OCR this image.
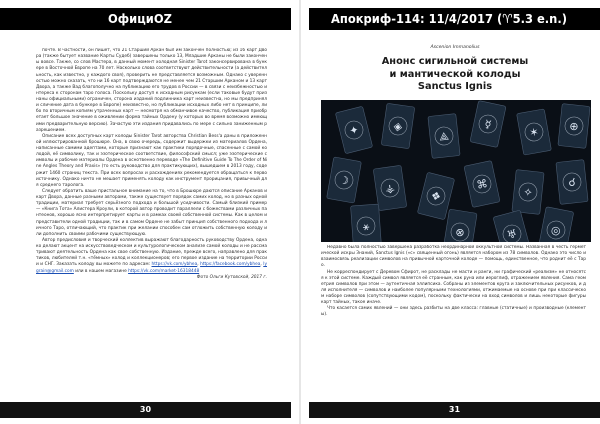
ОфициОZ	Апокриф-114: 11/4/2017 (♈5.3 e.n.)

почте. В частности, он пишет, что 21 Старший Аркан был им закончен полностью; из 16 карт Двора (также бытует название Карты Судеб) завершены только 13, Младшие Арканы не были закончены вовсе. Также, со слов Мастера, в данный момент холодная Sinister Tarot законсервирована в бункере в Восточной Европе на 70 лет. Насколько слова соответствуют действительности (а действительность, как известно, у каждого своя), проверить не представляется возможным. Однако с уверенностью можно сказать, что ни 16 карт подтверждаются не менее чем 21 Старшим Арканом и 13 карт Двора, а также Вад благополучно на публикацию его трудов в России — в связи с неизбежностью интереса к сторонам таро голоса. Поскольку доступ к исходным рисункам (если таковые будут признаны официальными) ограничен, сторона изданий подлинника карт неизвестна, но мы предприняли сличение дата в бункере в Европе) неизвестно, но публикации исходных либо нет в принципе, либо по вторичным копиям утраченных карт — несмотря на обманчивое качество, публикация приобретает большое значение в оживлении форма тайных Ордену (у которых во время возможно имеющими предварительную версию). Зачастую эти издания придавались по мере с сильно заниженным разрешением.

Описание всех доступных карт колоды Sinister Tarot авторства Christian Bess'a даны в приложенной иллюстрированной брошюре. Она, в свою очередь, содержит выдержки из материалов Ордена, написанные самими адептами, которые признают как практики порядочные, спасенные с самой колодой, её символику, так и эзотерическое соответствие, философский смысл; уже эзотерические символы и рабочие материалы Ордена в оснотвенно переводе «The Definitive Guide To The Order of Nine Angles Theory and Praxis» (то есть руководство для практикующих), вышедшем в 2013 году, содержит 1460 страниц текста. При всех вопросах и расхождениях рекомендуется обращаться к первоисточнику. Однако ничто не мешает применять колоду как инструмент прорицания, привычный для среднего таролога.

Следует обратить ваше пристальное внимание на то, что в Брошюре даются описание Арканов и карт Двора, данные разными авторами, также существует порядок самих колод, но в разных одной традиции, материал требует серьёзного подхода и большой усидчивости. Самый близкий пример — «Книга Тота» Алистера Кроули, в которой автор проводит параллели с божествами различных пантеонов, хорошо ясно интерпретирует карты и в рамках своей собственной системы. Как в целом и представители одной традиции, так и в самом Ордене не забыт принцип собственного подхода и личного Таро, отличающий, что практик при желании способен сам отложить собственную колоду или дополнить своими рабочими существующую.

Автор предисловия и творческий коллектив выражают благодарность руководству Ордена, однако делают акцент на искусствоведческом и культурологическом анализе самой колоды и не рассматривают деятельность Ордена как свое собственную. Издание, прежде всего, направлено для практиков, любителей т.н. «тёмных» колод и коллекционеров; его первое издание на территории России и СНГ. Заказать колоду вы можете по адресам: https://vk.com/ybhea, https://facebook.com/ybhea, lygrain@gmail.com или в нашем магазине https://vk.com/market-16318448

Фото Ольги Кутовской, 2017 г.

30
Ascenion Immanolius
Анонс сигильной системы
и мантической колоды
Sanctus Ignis
✦	◈
⟁
☿
✶	⊕
☽
⚶
❖
⌘
✧
☌
⚹	⊗	♅	◎

Недавно была полностью завершена разработка неординарной оккультной системы. Названная в честь герметической искры Знаний, Sanctus Ignis («с» священный огонь) является набором из 78 символов. Однако это число и взаимосвязь реализации символов на привычной карточной колоде — помощь, единственное, что роднит её с Таро.

Не корреспондирует с Деревом Сфирот, не расклады не масти и ранги, ни графический «реализм» не относятся к этой системе. Каждый символ является её странным, как руна или иероглиф, отражением явления. Сама геометрия символов при этом — аутентичная эллипсика. Собраны из элементов круга и заключительных рисунков, и для исполнителя — символов и наиболее популярными технологиями, отжимаемые на основе при при классическом наборе символов (сопутствующими кодом), поскольку фактически на вход символов и лишь некоторые фигуры карт тайных, такое иначе.

Что касается самих явлений — они здесь разбиты на две класса: главные (статичные) и производные (клементы).

31
